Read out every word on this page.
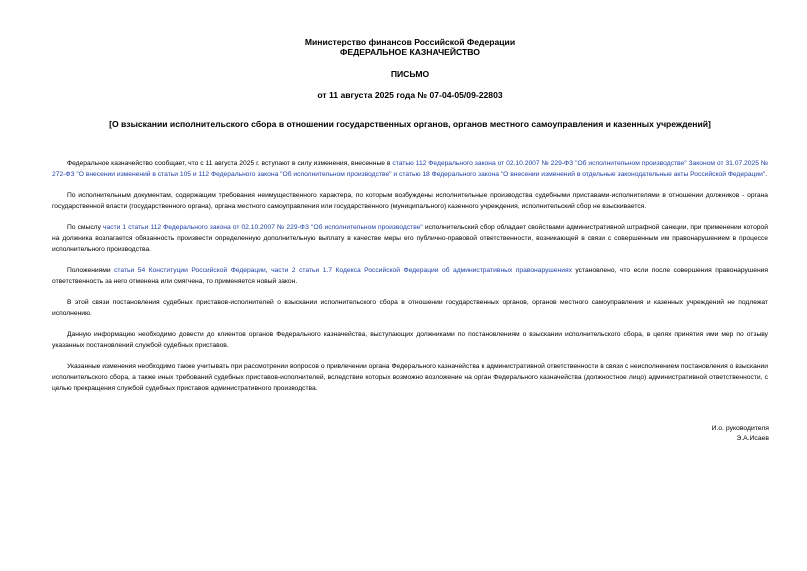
Министерство финансов Российской Федерации
ФЕДЕРАЛЬНОЕ КАЗНАЧЕЙСТВО
ПИСЬМО
от 11 августа 2025 года № 07-04-05/09-22803
[О взыскании исполнительского сбора в отношении государственных органов, органов местного самоуправления и казенных учреждений]

Федеральное казначейство сообщает, что с 11 августа 2025 г. вступают в силу изменения, внесенные в статью 112 Федерального закона от 02.10.2007 № 229-ФЗ "Об исполнительном производстве" Законом от 31.07.2025 № 272-ФЗ "О внесении изменений в статьи 105 и 112 Федерального закона "Об исполнительном производстве" и статью 18 Федерального закона "О внесении изменений в отдельные законодательные акты Российской Федерации".

По исполнительным документам, содержащим требования неимущественного характера, по которым возбуждены исполнительные производства судебными приставами-исполнителями в отношении должников - органа государственной власти (государственного органа), органа местного самоуправления или государственного (муниципального) казенного учреждения, исполнительский сбор не взыскивается.

По смыслу части 1 статьи 112 Федерального закона от 02.10.2007 № 229-ФЗ "Об исполнительном производстве" исполнительский сбор обладает свойствами административной штрафной санкции, при применении которой на должника возлагается обязанность произвести определенную дополнительную выплату в качестве меры его публично-правовой ответственности, возникающей в связи с совершенным им правонарушением в процессе исполнительного производства.

Положениями статьи 54 Конституции Российской Федерации, части 2 статьи 1.7 Кодекса Российской Федерации об административных правонарушениях установлено, что если после совершения правонарушения ответственность за него отменена или смягчена, то применяется новый закон.

В этой связи постановления судебных приставов-исполнителей о взыскании исполнительского сбора в отношении государственных органов, органов местного самоуправления и казенных учреждений не подлежат исполнению.

Данную информацию необходимо довести до клиентов органов Федерального казначейства, выступающих должниками по постановлениям о взыскании исполнительского сбора, в целях принятия ими мер по отзыву указанных постановлений службой судебных приставов.

Указанные изменения необходимо также учитывать при рассмотрении вопросов о привлечении органа Федерального казначейства к административной ответственности в связи с неисполнением постановления о взыскании исполнительского сбора, а также иных требований судебных приставов-исполнителей, вследствие которых возможно возложение на орган Федерального казначейства (должностное лицо) административной ответственности, с целью прекращения службой судебных приставов административного производства.

И.о. руководителя
Э.А.Исаев
